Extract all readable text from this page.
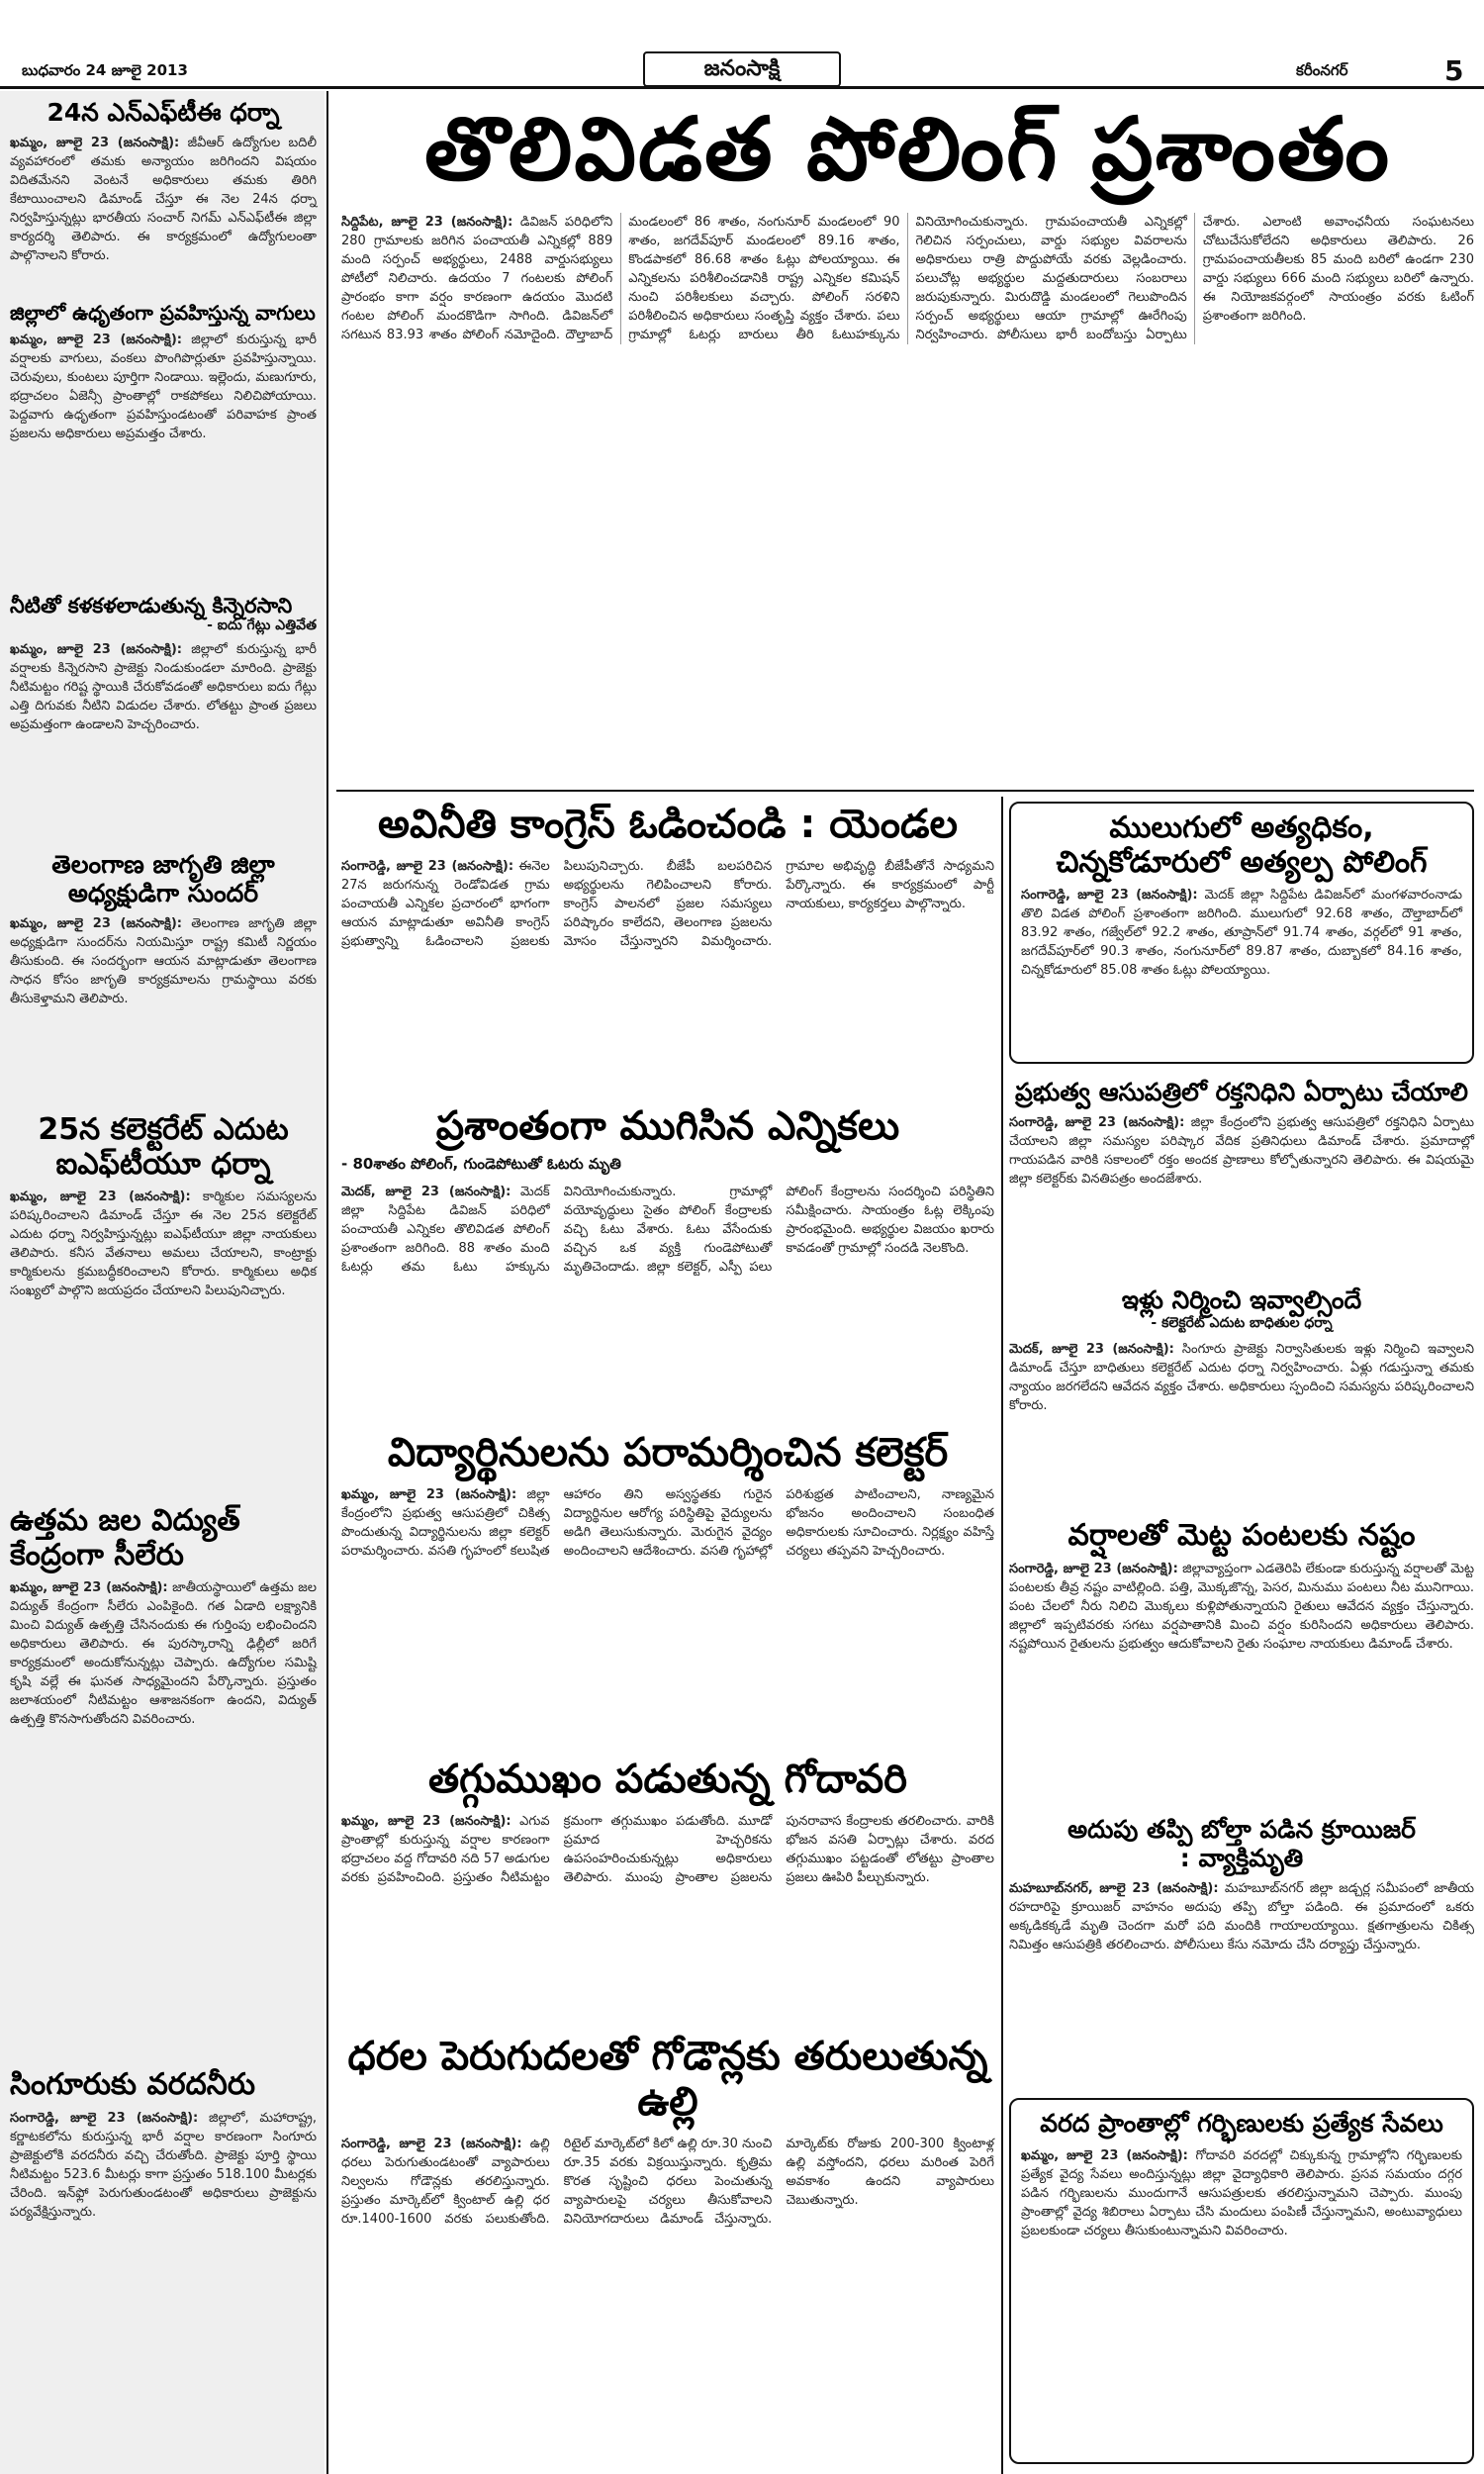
బుధవారం 24 జూలై 2013	జనంసాక్షి	కరీంనగర్	5
24న ఎన్‌ఎఫ్‌టీఈ ధర్నా
ఖమ్మం, జూలై 23 (జనంసాక్షి): జీవీఆర్ ఉద్యోగుల బదిలీ వ్యవహారంలో తమకు అన్యాయం జరిగిందని విషయం విదితమేనని వెంటనే అధికారులు తమకు తిరిగి కేటాయించాలని డిమాండ్ చేస్తూ ఈ నెల 24న ధర్నా నిర్వహిస్తున్నట్లు భారతీయ సంచార్ నిగమ్ ఎన్‌ఎఫ్‌టీఈ జిల్లా కార్యదర్శి తెలిపారు. ఈ కార్యక్రమంలో ఉద్యోగులంతా పాల్గొనాలని కోరారు.
జిల్లాలో ఉధృతంగా ప్రవహిస్తున్న వాగులు
ఖమ్మం, జూలై 23 (జనంసాక్షి): జిల్లాలో కురుస్తున్న భారీ వర్షాలకు వాగులు, వంకలు పొంగిపొర్లుతూ ప్రవహిస్తున్నాయి. చెరువులు, కుంటలు పూర్తిగా నిండాయి. ఇల్లెందు, మణుగూరు, భద్రాచలం ఏజెన్సీ ప్రాంతాల్లో రాకపోకలు నిలిచిపోయాయి. పెద్దవాగు ఉధృతంగా ప్రవహిస్తుండటంతో పరివాహక ప్రాంత ప్రజలను అధికారులు అప్రమత్తం చేశారు.
నీటితో కళకళలాడుతున్న కిన్నెరసాని
- ఐదు గేట్లు ఎత్తివేత
ఖమ్మం, జూలై 23 (జనంసాక్షి): జిల్లాలో కురుస్తున్న భారీ వర్షాలకు కిన్నెరసాని ప్రాజెక్టు నిండుకుండలా మారింది. ప్రాజెక్టు నీటిమట్టం గరిష్ట స్థాయికి చేరుకోవడంతో అధికారులు ఐదు గేట్లు ఎత్తి దిగువకు నీటిని విడుదల చేశారు. లోతట్టు ప్రాంత ప్రజలు అప్రమత్తంగా ఉండాలని హెచ్చరించారు.
తెలంగాణ జాగృతి జిల్లా అధ్యక్షుడిగా సుందర్
ఖమ్మం, జూలై 23 (జనంసాక్షి): తెలంగాణ జాగృతి జిల్లా అధ్యక్షుడిగా సుందర్‌ను నియమిస్తూ రాష్ట్ర కమిటీ నిర్ణయం తీసుకుంది. ఈ సందర్భంగా ఆయన మాట్లాడుతూ తెలంగాణ సాధన కోసం జాగృతి కార్యక్రమాలను గ్రామస్థాయి వరకు తీసుకెళ్తామని తెలిపారు.
25న కలెక్టరేట్ ఎదుట ఐఎఫ్‌టీయూ ధర్నా
ఖమ్మం, జూలై 23 (జనంసాక్షి): కార్మికుల సమస్యలను పరిష్కరించాలని డిమాండ్ చేస్తూ ఈ నెల 25న కలెక్టరేట్ ఎదుట ధర్నా నిర్వహిస్తున్నట్లు ఐఎఫ్‌టీయూ జిల్లా నాయకులు తెలిపారు. కనీస వేతనాలు అమలు చేయాలని, కాంట్రాక్టు కార్మికులను క్రమబద్ధీకరించాలని కోరారు. కార్మికులు అధిక సంఖ్యలో పాల్గొని జయప్రదం చేయాలని పిలుపునిచ్చారు.
ఉత్తమ జల విద్యుత్ కేంద్రంగా సీలేరు
ఖమ్మం, జూలై 23 (జనంసాక్షి): జాతీయస్థాయిలో ఉత్తమ జల విద్యుత్ కేంద్రంగా సీలేరు ఎంపికైంది. గత ఏడాది లక్ష్యానికి మించి విద్యుత్ ఉత్పత్తి చేసినందుకు ఈ గుర్తింపు లభించిందని అధికారులు తెలిపారు. ఈ పురస్కారాన్ని ఢిల్లీలో జరిగే కార్యక్రమంలో అందుకోనున్నట్లు చెప్పారు. ఉద్యోగుల సమిష్టి కృషి వల్లే ఈ ఘనత సాధ్యమైందని పేర్కొన్నారు. ప్రస్తుతం జలాశయంలో నీటిమట్టం ఆశాజనకంగా ఉందని, విద్యుత్ ఉత్పత్తి కొనసాగుతోందని వివరించారు.
సింగూరుకు వరదనీరు
సంగారెడ్డి, జూలై 23 (జనంసాక్షి): జిల్లాలో, మహారాష్ట్ర, కర్ణాటకలోను కురుస్తున్న భారీ వర్షాల కారణంగా సింగూరు ప్రాజెక్టులోకి వరదనీరు వచ్చి చేరుతోంది. ప్రాజెక్టు పూర్తి స్థాయి నీటిమట్టం 523.6 మీటర్లు కాగా ప్రస్తుతం 518.100 మీటర్లకు చేరింది. ఇన్‌ఫ్లో పెరుగుతుండటంతో అధికారులు ప్రాజెక్టును పర్యవేక్షిస్తున్నారు.
తొలివిడత పోలింగ్ ప్రశాంతం
సిద్దిపేట, జూలై 23 (జనంసాక్షి): డివిజన్ పరిధిలోని 280 గ్రామాలకు జరిగిన పంచాయతీ ఎన్నికల్లో 889 మంది సర్పంచ్ అభ్యర్థులు, 2488 వార్డుసభ్యులు పోటీలో నిలిచారు. ఉదయం 7 గంటలకు పోలింగ్ ప్రారంభం కాగా వర్షం కారణంగా ఉదయం మొదటి గంటల పోలింగ్ మందకొడిగా సాగింది. డివిజన్‌లో సగటున 83.93 శాతం పోలింగ్ నమోదైంది. దౌల్తాబాద్ మండలంలో 86 శాతం, నంగునూర్ మండలంలో 90 శాతం, జగదేవ్‌పూర్ మండలంలో 89.16 శాతం, కొండపాకలో 86.68 శాతం ఓట్లు పోలయ్యాయి. ఈ ఎన్నికలను పరిశీలించడానికి రాష్ట్ర ఎన్నికల కమిషన్ నుంచి పరిశీలకులు వచ్చారు. పోలింగ్ సరళిని పరిశీలించిన అధికారులు సంతృప్తి వ్యక్తం చేశారు. పలు గ్రామాల్లో ఓటర్లు బారులు తీరి ఓటుహక్కును వినియోగించుకున్నారు. గ్రామపంచాయతీ ఎన్నికల్లో గెలిచిన సర్పంచులు, వార్డు సభ్యుల వివరాలను అధికారులు రాత్రి పొద్దుపోయే వరకు వెల్లడించారు. పలుచోట్ల అభ్యర్థుల మద్దతుదారులు సంబరాలు జరుపుకున్నారు. మిరుదొడ్డి మండలంలో గెలుపొందిన సర్పంచ్ అభ్యర్థులు ఆయా గ్రామాల్లో ఊరేగింపు నిర్వహించారు. పోలీసులు భారీ బందోబస్తు ఏర్పాటు చేశారు. ఎలాంటి అవాంఛనీయ సంఘటనలు చోటుచేసుకోలేదని అధికారులు తెలిపారు. 26 గ్రామపంచాయతీలకు 85 మంది బరిలో ఉండగా 230 వార్డు సభ్యులు 666 మంది సభ్యులు బరిలో ఉన్నారు. ఈ నియోజకవర్గంలో సాయంత్రం వరకు ఓటింగ్ ప్రశాంతంగా జరిగింది.
అవినీతి కాంగ్రెస్ ఓడించండి : యెండల
సంగారెడ్డి, జూలై 23 (జనంసాక్షి): ఈనెల 27న జరుగనున్న రెండోవిడత గ్రామ పంచాయతీ ఎన్నికల ప్రచారంలో భాగంగా ఆయన మాట్లాడుతూ అవినీతి కాంగ్రెస్ ప్రభుత్వాన్ని ఓడించాలని ప్రజలకు పిలుపునిచ్చారు. బీజేపీ బలపరిచిన అభ్యర్థులను గెలిపించాలని కోరారు. కాంగ్రెస్ పాలనలో ప్రజల సమస్యలు పరిష్కారం కాలేదని, తెలంగాణ ప్రజలను మోసం చేస్తున్నారని విమర్శించారు. గ్రామాల అభివృద్ధి బీజేపీతోనే సాధ్యమని పేర్కొన్నారు. ఈ కార్యక్రమంలో పార్టీ నాయకులు, కార్యకర్తలు పాల్గొన్నారు.
ప్రశాంతంగా ముగిసిన ఎన్నికలు
- 80శాతం పోలింగ్, గుండెపోటుతో ఓటరు మృతి
మెదక్, జూలై 23 (జనంసాక్షి): మెదక్ జిల్లా సిద్దిపేట డివిజన్ పరిధిలో పంచాయతీ ఎన్నికల తొలివిడత పోలింగ్ ప్రశాంతంగా జరిగింది. 88 శాతం మంది ఓటర్లు తమ ఓటు హక్కును వినియోగించుకున్నారు. గ్రామాల్లో వయోవృద్ధులు సైతం పోలింగ్ కేంద్రాలకు వచ్చి ఓటు వేశారు. ఓటు వేసేందుకు వచ్చిన ఒక వ్యక్తి గుండెపోటుతో మృతిచెందాడు. జిల్లా కలెక్టర్, ఎస్పీ పలు పోలింగ్ కేంద్రాలను సందర్శించి పరిస్థితిని సమీక్షించారు. సాయంత్రం ఓట్ల లెక్కింపు ప్రారంభమైంది. అభ్యర్థుల విజయం ఖరారు కావడంతో గ్రామాల్లో సందడి నెలకొంది.
విద్యార్థినులను పరామర్శించిన కలెక్టర్
ఖమ్మం, జూలై 23 (జనంసాక్షి): జిల్లా కేంద్రంలోని ప్రభుత్వ ఆసుపత్రిలో చికిత్స పొందుతున్న విద్యార్థినులను జిల్లా కలెక్టర్ పరామర్శించారు. వసతి గృహంలో కలుషిత ఆహారం తిని అస్వస్థతకు గురైన విద్యార్థినుల ఆరోగ్య పరిస్థితిపై వైద్యులను అడిగి తెలుసుకున్నారు. మెరుగైన వైద్యం అందించాలని ఆదేశించారు. వసతి గృహాల్లో పరిశుభ్రత పాటించాలని, నాణ్యమైన భోజనం అందించాలని సంబంధిత అధికారులకు సూచించారు. నిర్లక్ష్యం వహిస్తే చర్యలు తప్పవని హెచ్చరించారు.
తగ్గుముఖం పడుతున్న గోదావరి
ఖమ్మం, జూలై 23 (జనంసాక్షి): ఎగువ ప్రాంతాల్లో కురుస్తున్న వర్షాల కారణంగా భద్రాచలం వద్ద గోదావరి నది 57 అడుగుల వరకు ప్రవహించింది. ప్రస్తుతం నీటిమట్టం క్రమంగా తగ్గుముఖం పడుతోంది. మూడో ప్రమాద హెచ్చరికను ఉపసంహరించుకున్నట్లు అధికారులు తెలిపారు. ముంపు ప్రాంతాల ప్రజలను పునరావాస కేంద్రాలకు తరలించారు. వారికి భోజన వసతి ఏర్పాట్లు చేశారు. వరద తగ్గుముఖం పట్టడంతో లోతట్టు ప్రాంతాల ప్రజలు ఊపిరి పీల్చుకున్నారు.
ధరల పెరుగుదలతో గోడౌన్లకు తరులుతున్న ఉల్లి
సంగారెడ్డి, జూలై 23 (జనంసాక్షి): ఉల్లి ధరలు పెరుగుతుండటంతో వ్యాపారులు నిల్వలను గోడౌన్లకు తరలిస్తున్నారు. ప్రస్తుతం మార్కెట్‌లో క్వింటాల్ ఉల్లి ధర రూ.1400-1600 వరకు పలుకుతోంది. రిటైల్ మార్కెట్‌లో కిలో ఉల్లి రూ.30 నుంచి రూ.35 వరకు విక్రయిస్తున్నారు. కృత్రిమ కొరత సృష్టించి ధరలు పెంచుతున్న వ్యాపారులపై చర్యలు తీసుకోవాలని వినియోగదారులు డిమాండ్ చేస్తున్నారు. మార్కెట్‌కు రోజుకు 200-300 క్వింటాళ్ల ఉల్లి వస్తోందని, ధరలు మరింత పెరిగే అవకాశం ఉందని వ్యాపారులు చెబుతున్నారు.
ములుగులో అత్యధికం, చిన్నకోడూరులో అత్యల్ప పోలింగ్
సంగారెడ్డి, జూలై 23 (జనంసాక్షి): మెదక్ జిల్లా సిద్దిపేట డివిజన్‌లో మంగళవారంనాడు తొలి విడత పోలింగ్ ప్రశాంతంగా జరిగింది. ములుగులో 92.68 శాతం, దౌల్తాబాద్‌లో 83.92 శాతం, గజ్వేల్‌లో 92.2 శాతం, తూప్రాన్‌లో 91.74 శాతం, వర్గల్‌లో 91 శాతం, జగదేవ్‌పూర్‌లో 90.3 శాతం, నంగునూర్‌లో 89.87 శాతం, దుబ్బాకలో 84.16 శాతం, చిన్నకోడూరులో 85.08 శాతం ఓట్లు పోలయ్యాయి.
ప్రభుత్వ ఆసుపత్రిలో రక్తనిధిని ఏర్పాటు చేయాలి
సంగారెడ్డి, జూలై 23 (జనంసాక్షి): జిల్లా కేంద్రంలోని ప్రభుత్వ ఆసుపత్రిలో రక్తనిధిని ఏర్పాటు చేయాలని జిల్లా సమస్యల పరిష్కార వేదిక ప్రతినిధులు డిమాండ్ చేశారు. ప్రమాదాల్లో గాయపడిన వారికి సకాలంలో రక్తం అందక ప్రాణాలు కోల్పోతున్నారని తెలిపారు. ఈ విషయమై జిల్లా కలెక్టర్‌కు వినతిపత్రం అందజేశారు.
ఇళ్లు నిర్మించి ఇవ్వాల్సిందే
- కలెక్టరేట్ ఎదుట బాధితుల ధర్నా
మెదక్, జూలై 23 (జనంసాక్షి): సింగూరు ప్రాజెక్టు నిర్వాసితులకు ఇళ్లు నిర్మించి ఇవ్వాలని డిమాండ్ చేస్తూ బాధితులు కలెక్టరేట్ ఎదుట ధర్నా నిర్వహించారు. ఏళ్లు గడుస్తున్నా తమకు న్యాయం జరగలేదని ఆవేదన వ్యక్తం చేశారు. అధికారులు స్పందించి సమస్యను పరిష్కరించాలని కోరారు.
వర్షాలతో మెట్ట పంటలకు నష్టం
సంగారెడ్డి, జూలై 23 (జనంసాక్షి): జిల్లావ్యాప్తంగా ఎడతెరిపి లేకుండా కురుస్తున్న వర్షాలతో మెట్ట పంటలకు తీవ్ర నష్టం వాటిల్లింది. పత్తి, మొక్కజొన్న, పెసర, మినుము పంటలు నీట మునిగాయి. పంట చేలలో నీరు నిలిచి మొక్కలు కుళ్లిపోతున్నాయని రైతులు ఆవేదన వ్యక్తం చేస్తున్నారు. జిల్లాలో ఇప్పటివరకు సగటు వర్షపాతానికి మించి వర్షం కురిసిందని అధికారులు తెలిపారు. నష్టపోయిన రైతులను ప్రభుత్వం ఆదుకోవాలని రైతు సంఘాల నాయకులు డిమాండ్ చేశారు.
అదుపు తప్పి బోల్తా పడిన క్రూయిజర్
: వ్యాక్తిమృతి
మహబూబ్‌నగర్, జూలై 23 (జనంసాక్షి): మహబూబ్‌నగర్ జిల్లా జడ్చర్ల సమీపంలో జాతీయ రహదారిపై క్రూయిజర్ వాహనం అదుపు తప్పి బోల్తా పడింది. ఈ ప్రమాదంలో ఒకరు అక్కడికక్కడే మృతి చెందగా మరో పది మందికి గాయాలయ్యాయి. క్షతగాత్రులను చికిత్స నిమిత్తం ఆసుపత్రికి తరలించారు. పోలీసులు కేసు నమోదు చేసి దర్యాప్తు చేస్తున్నారు.
వరద ప్రాంతాల్లో గర్భిణులకు ప్రత్యేక సేవలు
ఖమ్మం, జూలై 23 (జనంసాక్షి): గోదావరి వరదల్లో చిక్కుకున్న గ్రామాల్లోని గర్భిణులకు ప్రత్యేక వైద్య సేవలు అందిస్తున్నట్లు జిల్లా వైద్యాధికారి తెలిపారు. ప్రసవ సమయం దగ్గర పడిన గర్భిణులను ముందుగానే ఆసుపత్రులకు తరలిస్తున్నామని చెప్పారు. ముంపు ప్రాంతాల్లో వైద్య శిబిరాలు ఏర్పాటు చేసి మందులు పంపిణీ చేస్తున్నామని, అంటువ్యాధులు ప్రబలకుండా చర్యలు తీసుకుంటున్నామని వివరించారు.
